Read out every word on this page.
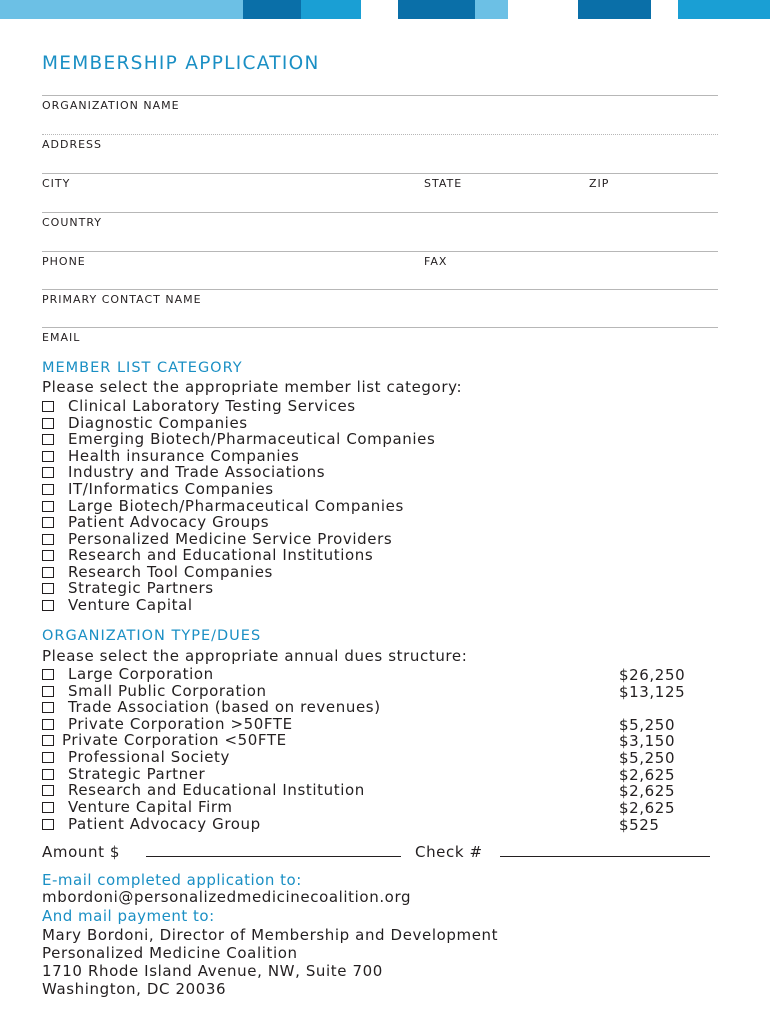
MEMBERSHIP APPLICATION
ORGANIZATION NAME
ADDRESS
CITY	STATE	ZIP
COUNTRY
PHONE	FAX
PRIMARY CONTACT NAME
EMAIL
MEMBER LIST CATEGORY
Please select the appropriate member list category:
Clinical Laboratory Testing Services
Diagnostic Companies
Emerging Biotech/Pharmaceutical Companies
Health insurance Companies
Industry and Trade Associations
IT/Informatics Companies
Large Biotech/Pharmaceutical Companies
Patient Advocacy Groups
Personalized Medicine Service Providers
Research and Educational Institutions
Research Tool Companies
Strategic Partners
Venture Capital
ORGANIZATION TYPE/DUES
Please select the appropriate annual dues structure:
Large Corporation	$26,250
Small Public Corporation	$13,125
Trade Association (based on revenues)
Private Corporation >50FTE	$5,250
Private Corporation <50FTE	$3,150
Professional Society	$5,250
Strategic Partner	$2,625
Research and Educational Institution	$2,625
Venture Capital Firm	$2,625
Patient Advocacy Group	$525
Amount $	Check #
E-mail completed application to:
mbordoni@personalizedmedicinecoalition.org
And mail payment to:
Mary Bordoni, Director of Membership and Development
Personalized Medicine Coalition
1710 Rhode Island Avenue, NW, Suite 700
Washington, DC 20036
